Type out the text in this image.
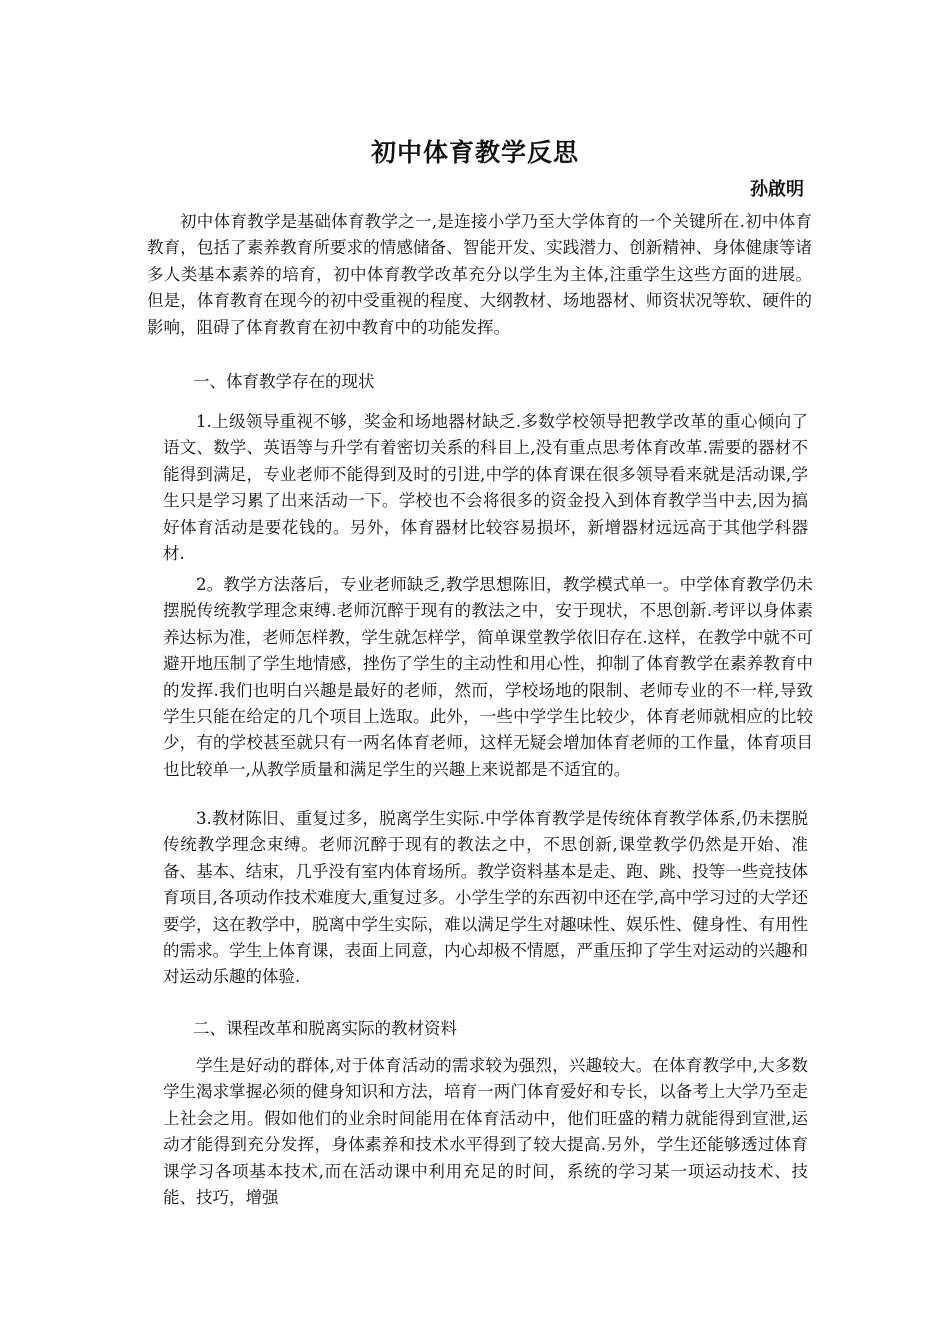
初中体育教学反思

孙啟明

初中体育教学是基础体育教学之一,是连接小学乃至大学体育的一个关键所在.初中体育教育，包括了素养教育所要求的情感储备、智能开发、实践潜力、创新精神、身体健康等诸多人类基本素养的培育，初中体育教学改革充分以学生为主体,注重学生这些方面的进展。但是，体育教育在现今的初中受重视的程度、大纲教材、场地器材、师资状况等软、硬件的影响，阻碍了体育教育在初中教育中的功能发挥。

一、体育教学存在的现状

1.上级领导重视不够，奖金和场地器材缺乏.多数学校领导把教学改革的重心倾向了语文、数学、英语等与升学有着密切关系的科目上,没有重点思考体育改革.需要的器材不能得到满足，专业老师不能得到及时的引进,中学的体育课在很多领导看来就是活动课,学生只是学习累了出来活动一下。学校也不会将很多的资金投入到体育教学当中去,因为搞好体育活动是要花钱的。另外，体育器材比较容易损坏，新增器材远远高于其他学科器材.

2。教学方法落后，专业老师缺乏,教学思想陈旧，教学模式单一。中学体育教学仍未摆脱传统教学理念束缚.老师沉醉于现有的教法之中，安于现状，不思创新.考评以身体素养达标为准，老师怎样教，学生就怎样学，简单课堂教学依旧存在.这样，在教学中就不可避开地压制了学生地情感，挫伤了学生的主动性和用心性，抑制了体育教学在素养教育中的发挥.我们也明白兴趣是最好的老师，然而，学校场地的限制、老师专业的不一样,导致学生只能在给定的几个项目上选取。此外，一些中学学生比较少，体育老师就相应的比较少，有的学校甚至就只有一两名体育老师，这样无疑会增加体育老师的工作量，体育项目也比较单一,从教学质量和满足学生的兴趣上来说都是不适宜的。

3.教材陈旧、重复过多，脱离学生实际.中学体育教学是传统体育教学体系,仍未摆脱传统教学理念束缚。老师沉醉于现有的教法之中，不思创新,课堂教学仍然是开始、准备、基本、结束，几乎没有室内体育场所。教学资料基本是走、跑、跳、投等一些竞技体育项目,各项动作技术难度大,重复过多。小学生学的东西初中还在学,高中学习过的大学还要学，这在教学中，脱离中学生实际，难以满足学生对趣味性、娱乐性、健身性、有用性的需求。学生上体育课，表面上同意，内心却极不情愿，严重压抑了学生对运动的兴趣和对运动乐趣的体验.

二、课程改革和脱离实际的教材资料

学生是好动的群体,对于体育活动的需求较为强烈，兴趣较大。在体育教学中,大多数学生渴求掌握必须的健身知识和方法，培育一两门体育爱好和专长，以备考上大学乃至走上社会之用。假如他们的业余时间能用在体育活动中，他们旺盛的精力就能得到宣泄,运动才能得到充分发挥，身体素养和技术水平得到了较大提高.另外，学生还能够透过体育课学习各项基本技术,而在活动课中利用充足的时间，系统的学习某一项运动技术、技能、技巧，增强
